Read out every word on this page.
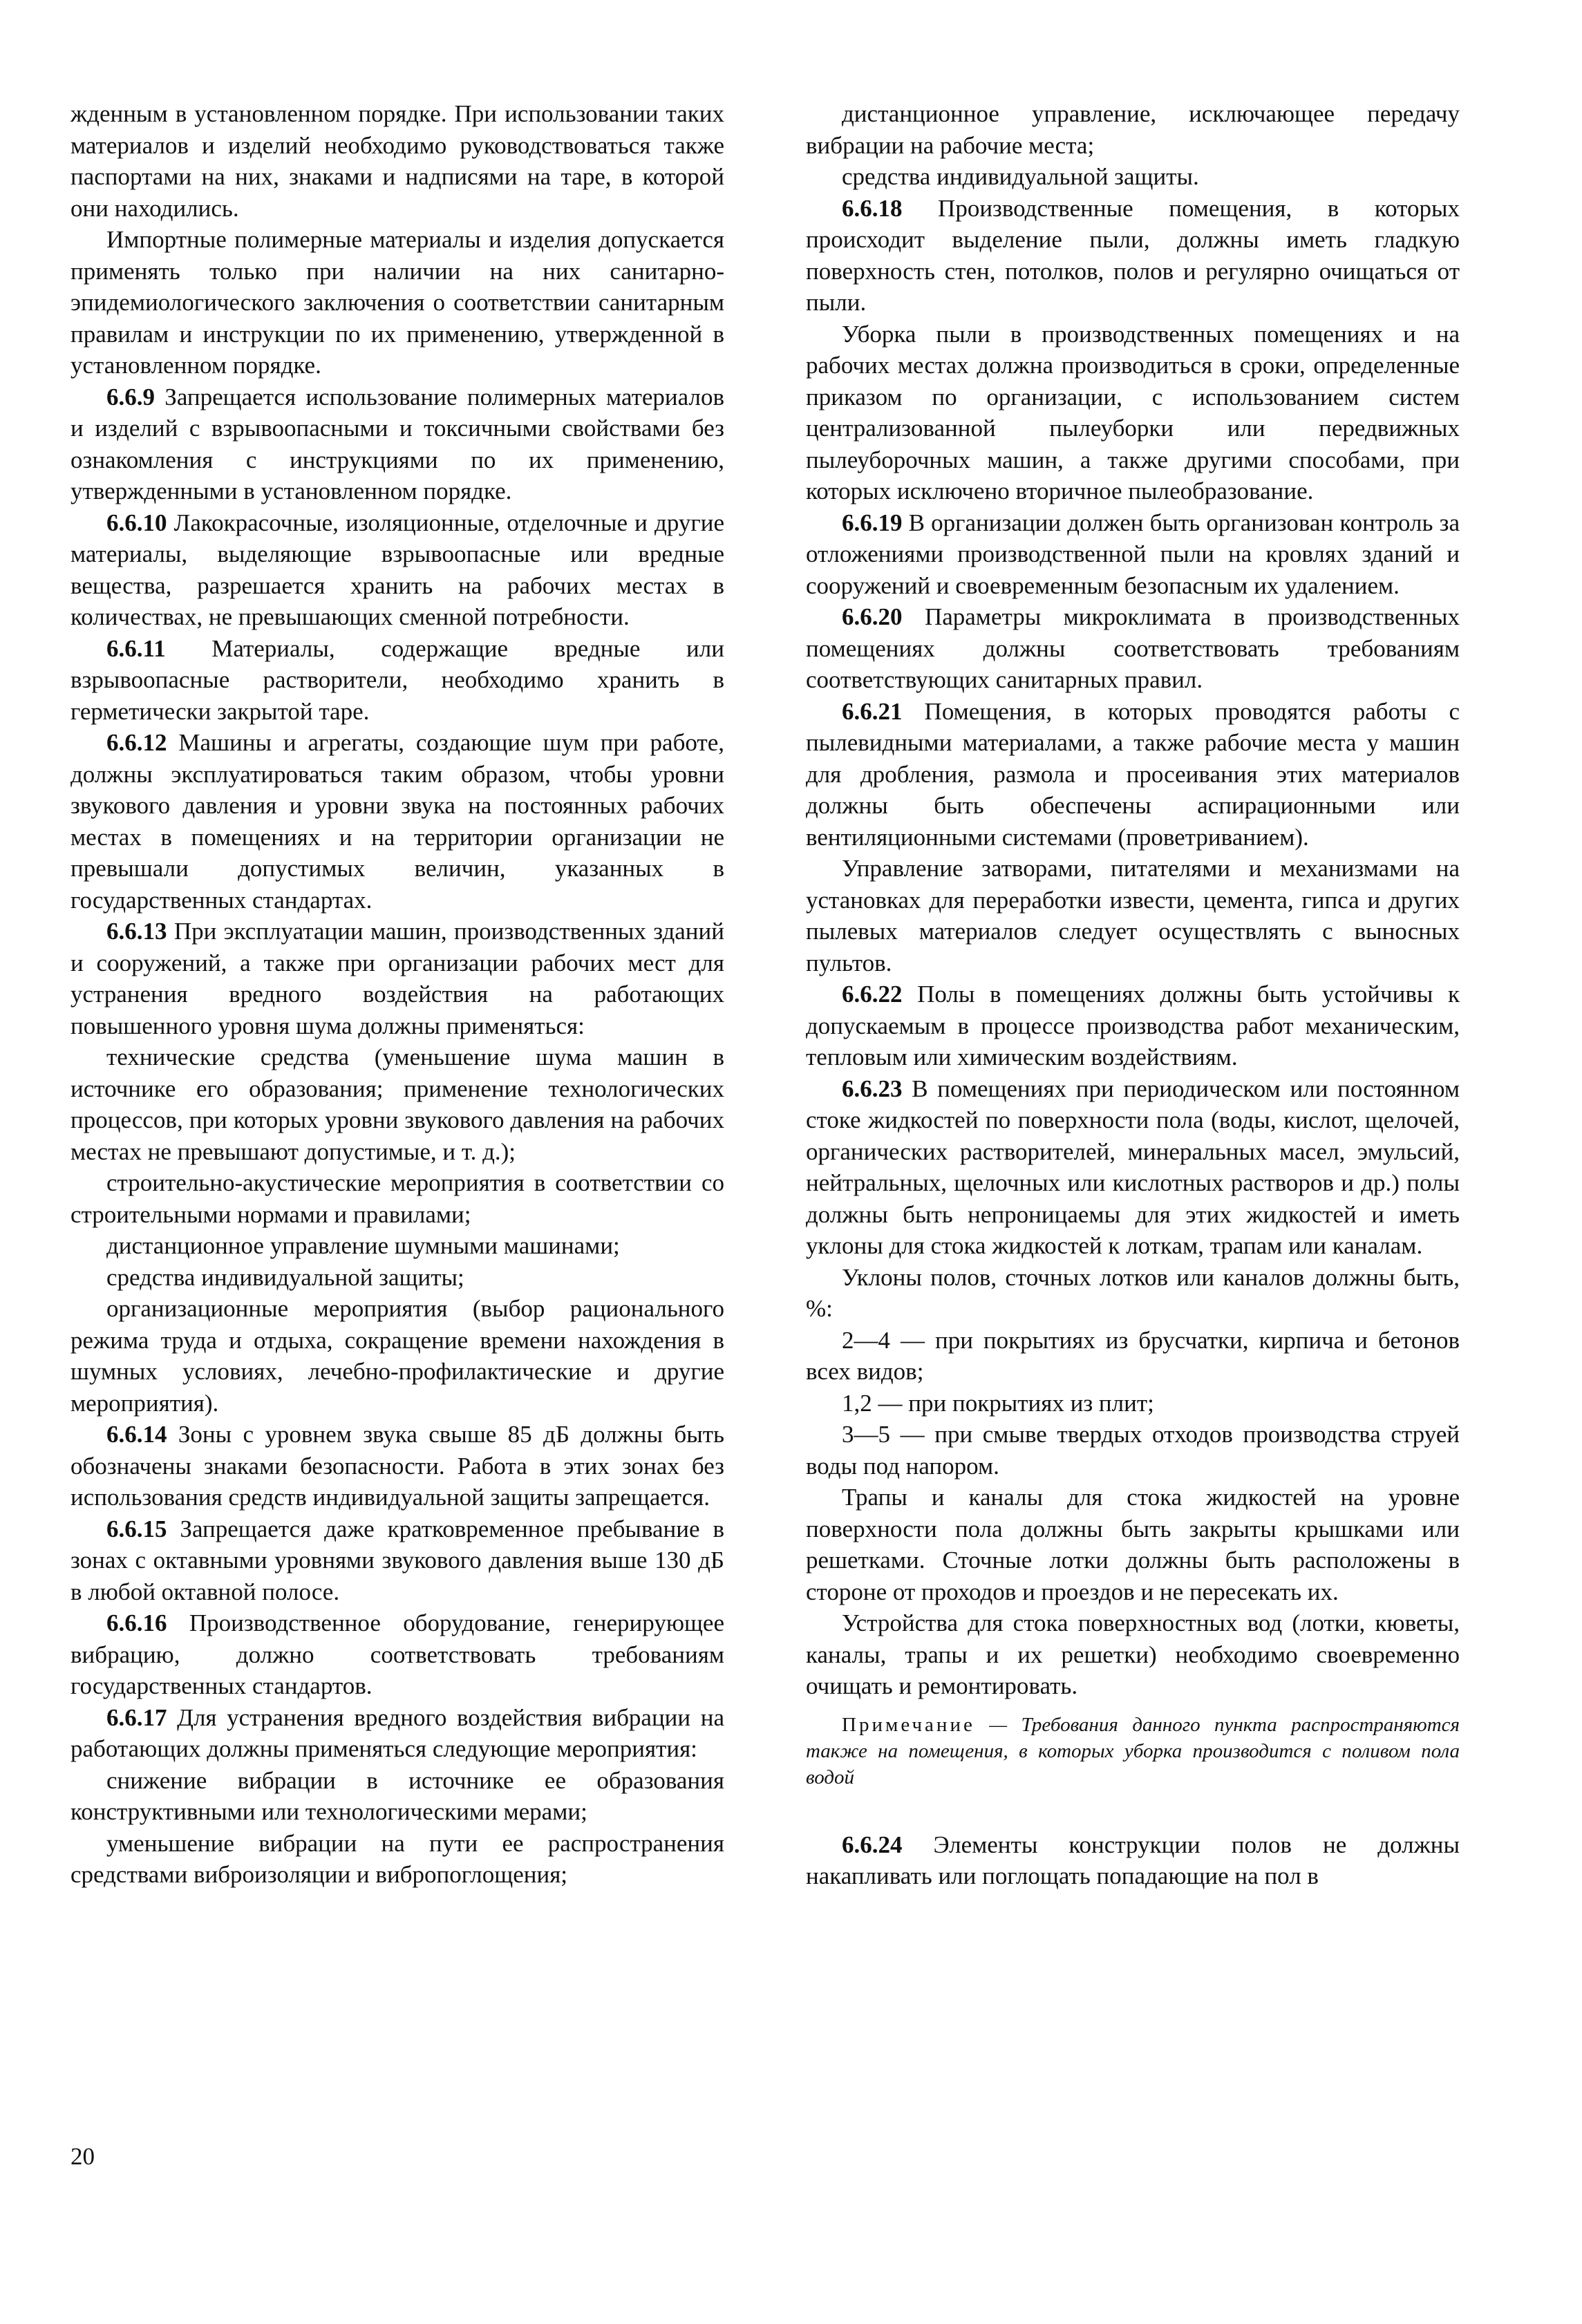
жденным в установленном порядке. При использовании таких материалов и изделий необходимо руководствоваться также паспортами на них, знаками и надписями на таре, в которой они находились.

Импортные полимерные материалы и изделия допускается применять только при наличии на них санитарно-эпидемиологического заключения о соответствии санитарным правилам и инструкции по их применению, утвержденной в установленном порядке.

6.6.9 Запрещается использование полимерных материалов и изделий с взрывоопасными и токсичными свойствами без ознакомления с инструкциями по их применению, утвержденными в установленном порядке.

6.6.10 Лакокрасочные, изоляционные, отделочные и другие материалы, выделяющие взрывоопасные или вредные вещества, разрешается хранить на рабочих местах в количествах, не превышающих сменной потребности.

6.6.11 Материалы, содержащие вредные или взрывоопасные растворители, необходимо хранить в герметически закрытой таре.

6.6.12 Машины и агрегаты, создающие шум при работе, должны эксплуатироваться таким образом, чтобы уровни звукового давления и уровни звука на постоянных рабочих местах в помещениях и на территории организации не превышали допустимых величин, указанных в государственных стандартах.

6.6.13 При эксплуатации машин, производственных зданий и сооружений, а также при организации рабочих мест для устранения вредного воздействия на работающих повышенного уровня шума должны применяться:

технические средства (уменьшение шума машин в источнике его образования; применение технологических процессов, при которых уровни звукового давления на рабочих местах не превышают допустимые, и т. д.);

строительно-акустические мероприятия в соответствии со строительными нормами и правилами;

дистанционное управление шумными машинами;

средства индивидуальной защиты;

организационные мероприятия (выбор рационального режима труда и отдыха, сокращение времени нахождения в шумных условиях, лечебно-профилактические и другие мероприятия).

6.6.14 Зоны с уровнем звука свыше 85 дБ должны быть обозначены знаками безопасности. Работа в этих зонах без использования средств индивидуальной защиты запрещается.

6.6.15 Запрещается даже кратковременное пребывание в зонах с октавными уровнями звукового давления выше 130 дБ в любой октавной полосе.

6.6.16 Производственное оборудование, генерирующее вибрацию, должно соответствовать требованиям государственных стандартов.

6.6.17 Для устранения вредного воздействия вибрации на работающих должны применяться следующие мероприятия:

снижение вибрации в источнике ее образования конструктивными или технологическими мерами;

уменьшение вибрации на пути ее распространения средствами виброизоляции и вибропоглощения;

дистанционное управление, исключающее передачу вибрации на рабочие места;

средства индивидуальной защиты.

6.6.18 Производственные помещения, в которых происходит выделение пыли, должны иметь гладкую поверхность стен, потолков, полов и регулярно очищаться от пыли.

Уборка пыли в производственных помещениях и на рабочих местах должна производиться в сроки, определенные приказом по организации, с использованием систем централизованной пылеуборки или передвижных пылеуборочных машин, а также другими способами, при которых исключено вторичное пылеобразование.

6.6.19 В организации должен быть организован контроль за отложениями производственной пыли на кровлях зданий и сооружений и своевременным безопасным их удалением.

6.6.20 Параметры микроклимата в производственных помещениях должны соответствовать требованиям соответствующих санитарных правил.

6.6.21 Помещения, в которых проводятся работы с пылевидными материалами, а также рабочие места у машин для дробления, размола и просеивания этих материалов должны быть обеспечены аспирационными или вентиляционными системами (проветриванием).

Управление затворами, питателями и механизмами на установках для переработки извести, цемента, гипса и других пылевых материалов следует осуществлять с выносных пультов.

6.6.22 Полы в помещениях должны быть устойчивы к допускаемым в процессе производства работ механическим, тепловым или химическим воздействиям.

6.6.23 В помещениях при периодическом или постоянном стоке жидкостей по поверхности пола (воды, кислот, щелочей, органических растворителей, минеральных масел, эмульсий, нейтральных, щелочных или кислотных растворов и др.) полы должны быть непроницаемы для этих жидкостей и иметь уклоны для стока жидкостей к лоткам, трапам или каналам.

Уклоны полов, сточных лотков или каналов должны быть, %:

2—4 — при покрытиях из брусчатки, кирпича и бетонов всех видов;

1,2 — при покрытиях из плит;

3—5 — при смыве твердых отходов производства струей воды под напором.

Трапы и каналы для стока жидкостей на уровне поверхности пола должны быть закрыты крышками или решетками. Сточные лотки должны быть расположены в стороне от проходов и проездов и не пересекать их.

Устройства для стока поверхностных вод (лотки, кюветы, каналы, трапы и их решетки) необходимо своевременно очищать и ремонтировать.

Примечание — Требования данного пункта распространяются также на помещения, в которых уборка производится с поливом пола водой

6.6.24 Элементы конструкции полов не должны накапливать или поглощать попадающие на пол в

20
